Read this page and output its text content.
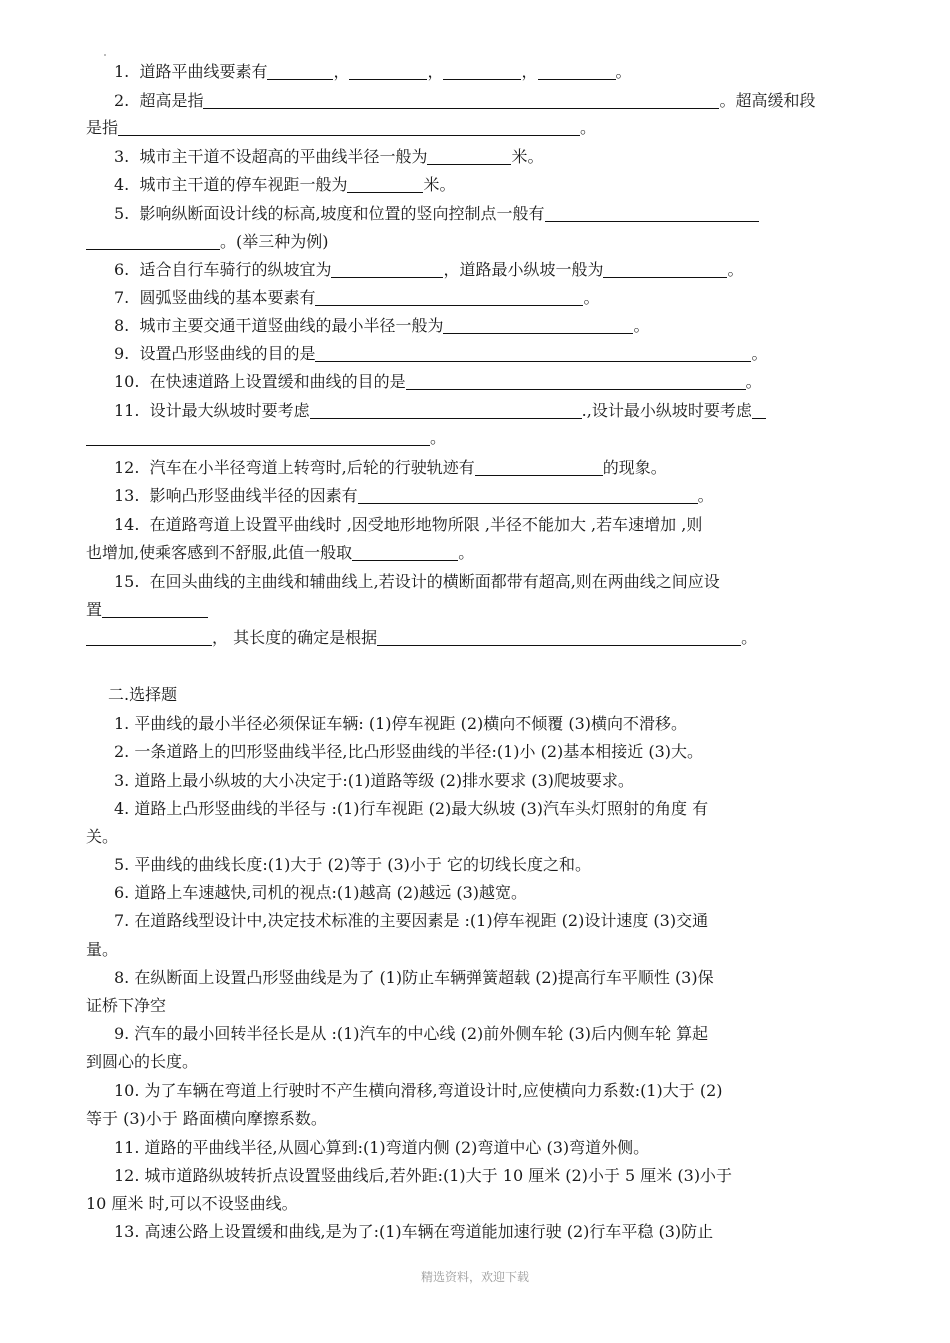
1. 道路平曲线要素有	，	，	，	。
2. 超高是指	。超高缓和段
是指	。
3. 城市主干道不设超高的平曲线半径一般为	米。
4. 城市主干道的停车视距一般为	米。
5. 影响纵断面设计线的标高,坡度和位置的竖向控制点一般有
。(举三种为例)
6. 适合自行车骑行的纵坡宜为	，道路最小纵坡一般为	。
7. 圆弧竖曲线的基本要素有	。
8. 城市主要交通干道竖曲线的最小半径一般为	。
9. 设置凸形竖曲线的目的是	。
10. 在快速道路上设置缓和曲线的目的是	。
11. 设计最大纵坡时要考虑	.,设计最小纵坡时要考虑
。
12. 汽车在小半径弯道上转弯时,后轮的行驶轨迹有	的现象。
13. 影响凸形竖曲线半径的因素有	。
14. 在道路弯道上设置平曲线时 ,因受地形地物所限 ,半径不能加大 ,若车速增加 ,则
也增加,使乘客感到不舒服,此值一般取	。
15. 在回头曲线的主曲线和辅曲线上,若设计的横断面都带有超高,则在两曲线之间应设
置
， 其长度的确定是根据	。
二.选择题
1. 平曲线的最小半径必须保证车辆: (1)停车视距 (2)横向不倾覆 (3)横向不滑移。
2. 一条道路上的凹形竖曲线半径,比凸形竖曲线的半径:(1)小 (2)基本相接近 (3)大。
3. 道路上最小纵坡的大小决定于:(1)道路等级 (2)排水要求 (3)爬坡要求。
4. 道路上凸形竖曲线的半径与 :(1)行车视距 (2)最大纵坡 (3)汽车头灯照射的角度 有
关。
5. 平曲线的曲线长度:(1)大于 (2)等于 (3)小于 它的切线长度之和。
6. 道路上车速越快,司机的视点:(1)越高 (2)越远 (3)越宽。
7. 在道路线型设计中,决定技术标准的主要因素是 :(1)停车视距 (2)设计速度 (3)交通
量。
8. 在纵断面上设置凸形竖曲线是为了 (1)防止车辆弹簧超载 (2)提高行车平顺性 (3)保
证桥下净空
9. 汽车的最小回转半径长是从 :(1)汽车的中心线 (2)前外侧车轮 (3)后内侧车轮 算起
到圆心的长度。
10. 为了车辆在弯道上行驶时不产生横向滑移,弯道设计时,应使横向力系数:(1)大于 (2)
等于 (3)小于 路面横向摩擦系数。
11. 道路的平曲线半径,从圆心算到:(1)弯道内侧 (2)弯道中心 (3)弯道外侧。
12. 城市道路纵坡转折点设置竖曲线后,若外距:(1)大于 10 厘米 (2)小于 5 厘米 (3)小于
10 厘米 时,可以不设竖曲线。
13. 高速公路上设置缓和曲线,是为了:(1)车辆在弯道能加速行驶 (2)行车平稳 (3)防止
精选资料，欢迎下载
